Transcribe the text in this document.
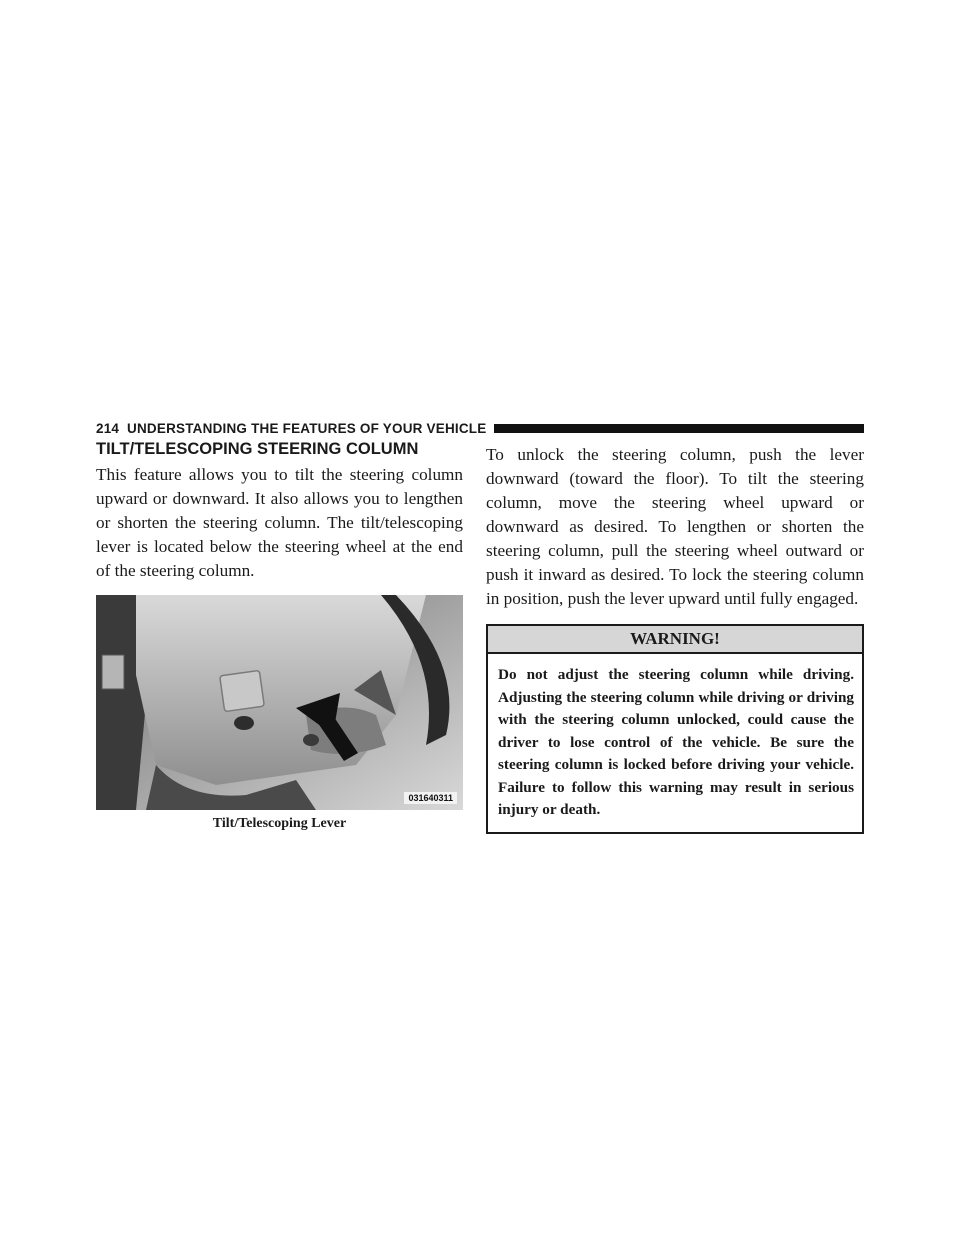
214 UNDERSTANDING THE FEATURES OF YOUR VEHICLE
TILT/TELESCOPING STEERING COLUMN

This feature allows you to tilt the steering column upward or downward. It also allows you to lengthen or shorten the steering column. The tilt/telescoping lever is located below the steering wheel at the end of the steering column.

031640311
Tilt/Telescoping Lever

To unlock the steering column, push the lever downward (toward the floor). To tilt the steering column, move the steering wheel upward or downward as desired. To lengthen or shorten the steering column, pull the steering wheel outward or push it inward as desired. To lock the steering column in position, push the lever upward until fully engaged.

WARNING!
Do not adjust the steering column while driving. Adjusting the steering column while driving or driving with the steering column unlocked, could cause the driver to lose control of the vehicle. Be sure the steering column is locked before driving your vehicle. Failure to follow this warning may result in serious injury or death.
